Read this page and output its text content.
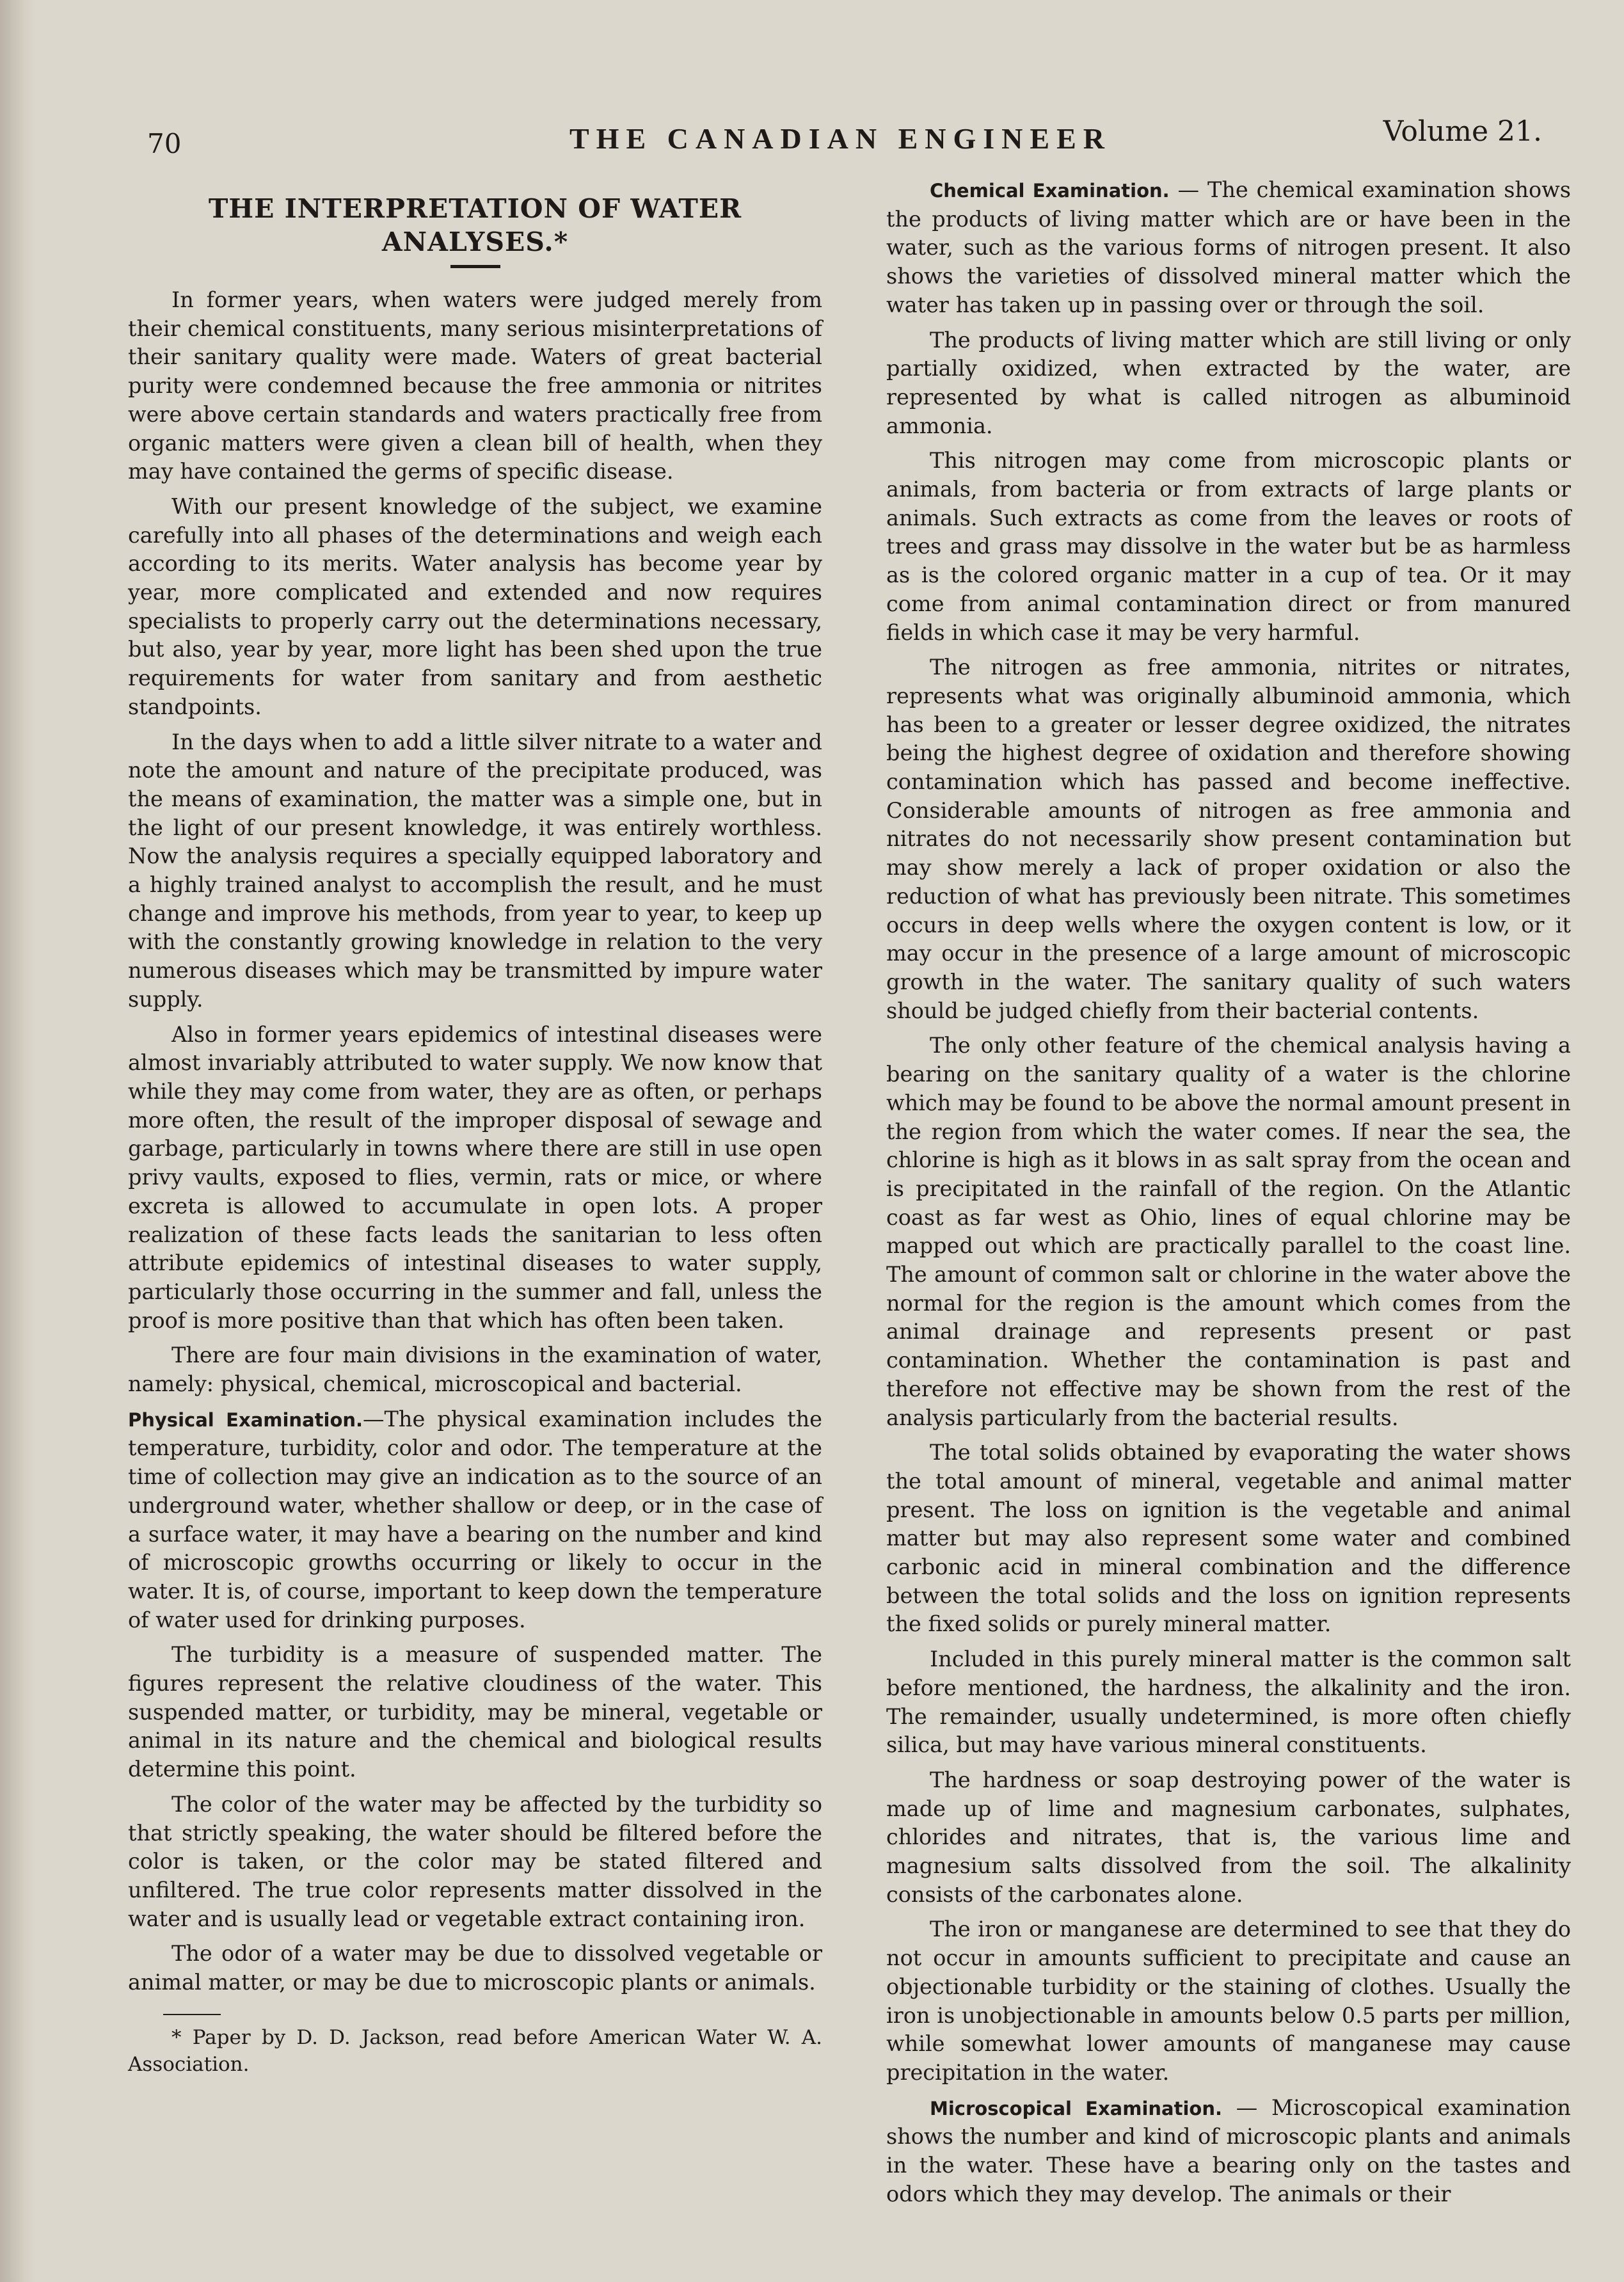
70	THE CANADIAN ENGINEER	Volume 21.
THE INTERPRETATION OF WATER ANALYSES.*

In former years, when waters were judged merely from their chemical constituents, many serious misinterpretations of their sanitary quality were made. Waters of great bacterial purity were condemned because the free ammonia or nitrites were above certain standards and waters practically free from organic matters were given a clean bill of health, when they may have contained the germs of specific disease.

With our present knowledge of the subject, we examine carefully into all phases of the determinations and weigh each according to its merits. Water analysis has become year by year, more complicated and extended and now requires specialists to properly carry out the determinations necessary, but also, year by year, more light has been shed upon the true requirements for water from sanitary and from aesthetic standpoints.

In the days when to add a little silver nitrate to a water and note the amount and nature of the precipitate produced, was the means of examination, the matter was a simple one, but in the light of our present knowledge, it was entirely worthless. Now the analysis requires a specially equipped laboratory and a highly trained analyst to accomplish the result, and he must change and improve his methods, from year to year, to keep up with the constantly growing knowledge in relation to the very numerous diseases which may be transmitted by impure water supply.

Also in former years epidemics of intestinal diseases were almost invariably attributed to water supply. We now know that while they may come from water, they are as often, or perhaps more often, the result of the improper disposal of sewage and garbage, particularly in towns where there are still in use open privy vaults, exposed to flies, vermin, rats or mice, or where excreta is allowed to accumulate in open lots. A proper realization of these facts leads the sanitarian to less often attribute epidemics of intestinal diseases to water supply, particularly those occurring in the summer and fall, unless the proof is more positive than that which has often been taken.

There are four main divisions in the examination of water, namely: physical, chemical, microscopical and bacterial.

Physical Examination.—The physical examination includes the temperature, turbidity, color and odor. The temperature at the time of collection may give an indication as to the source of an underground water, whether shallow or deep, or in the case of a surface water, it may have a bearing on the number and kind of microscopic growths occurring or likely to occur in the water. It is, of course, important to keep down the temperature of water used for drinking purposes.

The turbidity is a measure of suspended matter. The figures represent the relative cloudiness of the water. This suspended matter, or turbidity, may be mineral, vegetable or animal in its nature and the chemical and biological results determine this point.

The color of the water may be affected by the turbidity so that strictly speaking, the water should be filtered before the color is taken, or the color may be stated filtered and unfiltered. The true color represents matter dissolved in the water and is usually lead or vegetable extract containing iron.

The odor of a water may be due to dissolved vegetable or animal matter, or may be due to microscopic plants or animals.

* Paper by D. D. Jackson, read before American Water W. A. Association.

Chemical Examination. — The chemical examination shows the products of living matter which are or have been in the water, such as the various forms of nitrogen present. It also shows the varieties of dissolved mineral matter which the water has taken up in passing over or through the soil.

The products of living matter which are still living or only partially oxidized, when extracted by the water, are represented by what is called nitrogen as albuminoid ammonia.

This nitrogen may come from microscopic plants or animals, from bacteria or from extracts of large plants or animals. Such extracts as come from the leaves or roots of trees and grass may dissolve in the water but be as harmless as is the colored organic matter in a cup of tea. Or it may come from animal contamination direct or from manured fields in which case it may be very harmful.

The nitrogen as free ammonia, nitrites or nitrates, represents what was originally albuminoid ammonia, which has been to a greater or lesser degree oxidized, the nitrates being the highest degree of oxidation and therefore showing contamination which has passed and become ineffective. Considerable amounts of nitrogen as free ammonia and nitrates do not necessarily show present contamination but may show merely a lack of proper oxidation or also the reduction of what has previously been nitrate. This sometimes occurs in deep wells where the oxygen content is low, or it may occur in the presence of a large amount of microscopic growth in the water. The sanitary quality of such waters should be judged chiefly from their bacterial contents.

The only other feature of the chemical analysis having a bearing on the sanitary quality of a water is the chlorine which may be found to be above the normal amount present in the region from which the water comes. If near the sea, the chlorine is high as it blows in as salt spray from the ocean and is precipitated in the rainfall of the region. On the Atlantic coast as far west as Ohio, lines of equal chlorine may be mapped out which are practically parallel to the coast line. The amount of common salt or chlorine in the water above the normal for the region is the amount which comes from the animal drainage and represents present or past contamination. Whether the contamination is past and therefore not effective may be shown from the rest of the analysis particularly from the bacterial results.

The total solids obtained by evaporating the water shows the total amount of mineral, vegetable and animal matter present. The loss on ignition is the vegetable and animal matter but may also represent some water and combined carbonic acid in mineral combination and the difference between the total solids and the loss on ignition represents the fixed solids or purely mineral matter.

Included in this purely mineral matter is the common salt before mentioned, the hardness, the alkalinity and the iron. The remainder, usually undetermined, is more often chiefly silica, but may have various mineral constituents.

The hardness or soap destroying power of the water is made up of lime and magnesium carbonates, sulphates, chlorides and nitrates, that is, the various lime and magnesium salts dissolved from the soil. The alkalinity consists of the carbonates alone.

The iron or manganese are determined to see that they do not occur in amounts sufficient to precipitate and cause an objectionable turbidity or the staining of clothes. Usually the iron is unobjectionable in amounts below 0.5 parts per million, while somewhat lower amounts of manganese may cause precipitation in the water.

Microscopical Examination. — Microscopical examination shows the number and kind of microscopic plants and animals in the water. These have a bearing only on the tastes and odors which they may develop. The animals or their
